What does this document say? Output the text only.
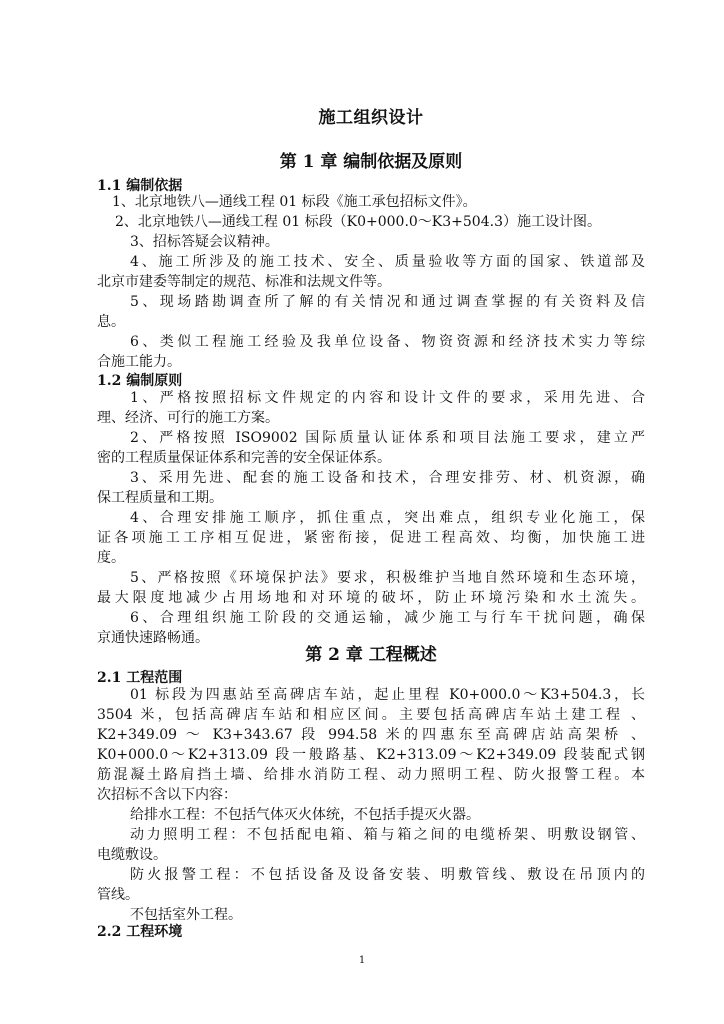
施工组织设计
第 1 章 编制依据及原则
1.1 编制依据
1、北京地铁八—通线工程 01 标段《施工承包招标文件》。
2、北京地铁八—通线工程 01 标段（K0+000.0～K3+504.3）施工设计图。
3、招标答疑会议精神。
4、施工所涉及的施工技术、安全、质量验收等方面的国家、铁道部及
北京市建委等制定的规范、标准和法规文件等。
5、现场踏勘调查所了解的有关情况和通过调查掌握的有关资料及信
息。
6、类似工程施工经验及我单位设备、物资资源和经济技术实力等综
合施工能力。
1.2 编制原则
1、严格按照招标文件规定的内容和设计文件的要求，采用先进、合
理、经济、可行的施工方案。
2、严格按照 ISO9002 国际质量认证体系和项目法施工要求，建立严
密的工程质量保证体系和完善的安全保证体系。
3、采用先进、配套的施工设备和技术，合理安排劳、材、机资源，确
保工程质量和工期。
4、合理安排施工顺序，抓住重点，突出难点，组织专业化施工，保
证各项施工工序相互促进，紧密衔接，促进工程高效、均衡，加快施工进
度。
5、严格按照《环境保护法》要求，积极维护当地自然环境和生态环境，
最大限度地减少占用场地和对环境的破坏，防止环境污染和水土流失。
6、合理组织施工阶段的交通运输，减少施工与行车干扰问题，确保
京通快速路畅通。
第 2 章 工程概述
2.1 工程范围
01 标段为四惠站至高碑店车站，起止里程 K0+000.0～K3+504.3，长
3504 米，包括高碑店车站和相应区间。主要包括高碑店车站土建工程 、
K2+349.09 ～ K3+343.67 段 994.58 米的四惠东至高碑店站高架桥 、
K0+000.0～K2+313.09 段一般路基、K2+313.09～K2+349.09 段装配式钢
筋混凝土路肩挡土墙、给排水消防工程、动力照明工程、防火报警工程。本
次招标不含以下内容：
给排水工程：不包括气体灭火体统，不包括手提灭火器。
动力照明工程：不包括配电箱、箱与箱之间的电缆桥架、明敷设钢管、
电缆敷设。
防火报警工程：不包括设备及设备安装、明敷管线、敷设在吊顶内的
管线。
不包括室外工程。
2.2 工程环境
1
